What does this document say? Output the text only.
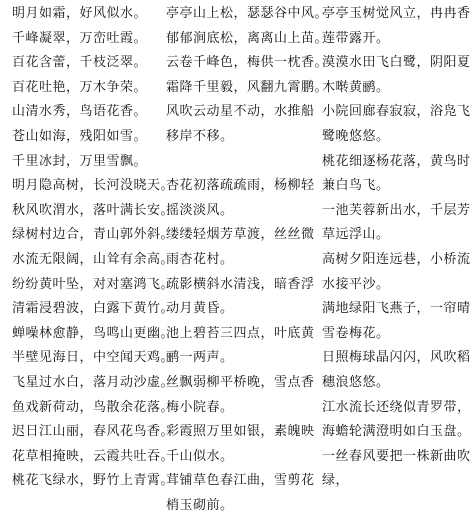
明月如霜，好风似水。
千峰凝翠，万峦吐霞。
百花含蕾，千枝泛翠。
百花吐艳，万木争荣。
山清水秀，鸟语花香。
苍山如海，残阳如雪。
千里冰封，万里雪飘。
明月隐高树，长河没晓天。
秋风吹渭水，落叶满长安。
绿树村边合，青山郭外斜。
水流无限阔，山耸有余高。
纷纷黄叶坠，对对塞鸿飞。
清霜浸碧波，白露下黄竹。
蝉噪林愈静，鸟鸣山更幽。
半壁见海日，中空闻天鸡。
飞星过水白，落月动沙虚。
鱼戏新荷动，鸟散余花落。
迟日江山丽，春风花鸟香。
花草相掩映，云霞共吐吞。
桃花飞绿水，野竹上青霄。
亭亭山上松，瑟瑟谷中风。
郁郁涧底松，离离山上苗。
云卷千峰色，梅供一枕香。
霜降千里毅，风翻九霄鹏。
风吹云动星不动，水推船
移岸不移。
杏花初落疏疏雨，杨柳轻
摇淡淡风。
缕缕轻烟芳草渡，丝丝微
雨杏花村。
疏影横斜水清浅，暗香浮
动月黄昏。
池上碧苔三四点，叶底黄
鹂一两声。
丝飘弱柳平桥晚，雪点香
梅小院春。
彩霞照万里如银，素魄映
千山似水。
茸铺草色春江曲，雪剪花
梢玉砌前。
亭亭玉树觉风立，冉冉香
莲带露开。
漠漠水田飞白鹭，阴阳夏
木啭黄鹂。
小院回廊春寂寂，浴凫飞
鹭晚悠悠。
桃花细逐杨花落，黄鸟时
兼白鸟飞。
一池芙蓉新出水，千层芳
草远浮山。
高树夕阳连远巷，小桥流
水接平沙。
满地绿阳飞燕子，一帘晴
雪卷梅花。
日照梅球晶闪闪，风吹稻
穗浪悠悠。
江水流长还绕似青罗带，
海蟾轮满澄明如白玉盘。
一丝春风要把一株新曲吹
绿，
